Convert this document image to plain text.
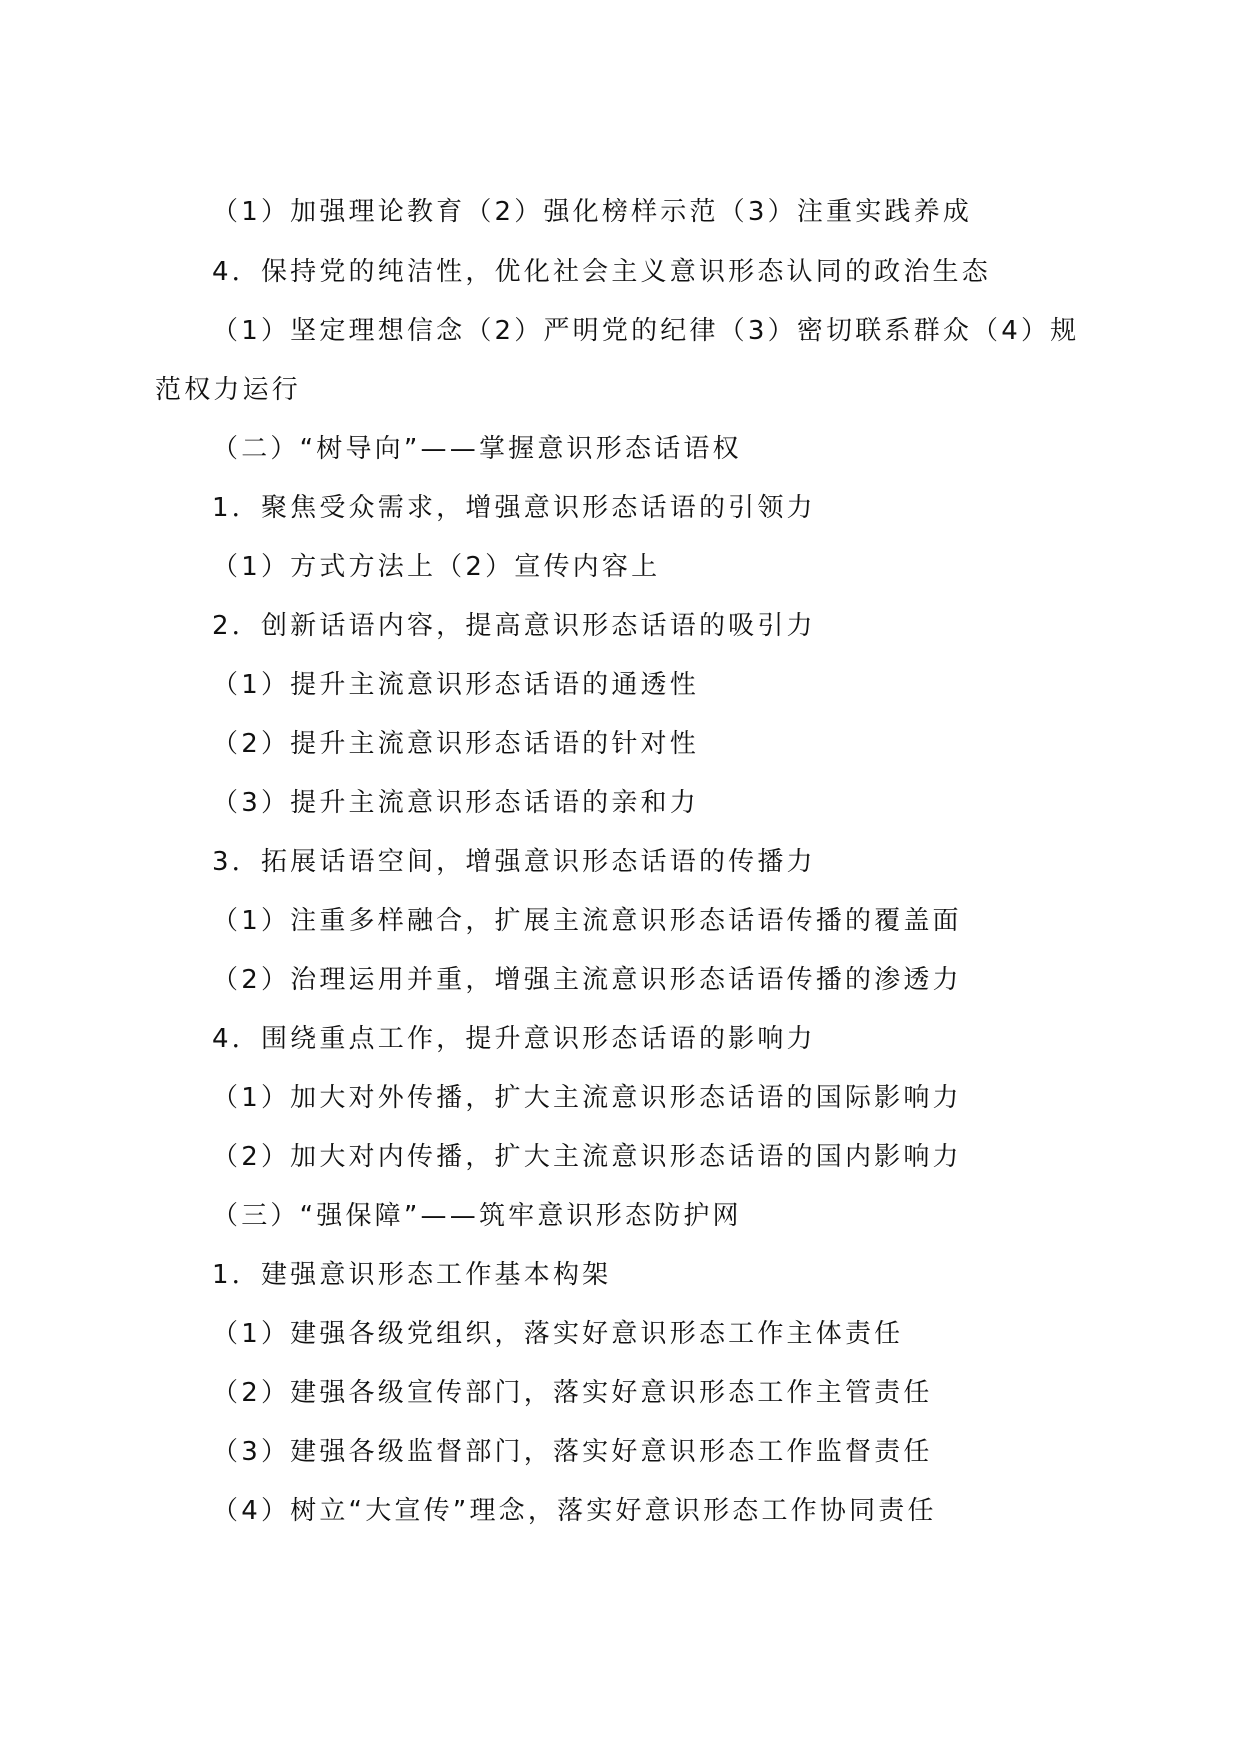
（1）加强理论教育（2）强化榜样示范（3）注重实践养成
4．保持党的纯洁性，优化社会主义意识形态认同的政治生态
（1）坚定理想信念（2）严明党的纪律（3）密切联系群众（4）规
范权力运行
（二）“树导向”——掌握意识形态话语权
1．聚焦受众需求，增强意识形态话语的引领力
（1）方式方法上（2）宣传内容上
2．创新话语内容，提高意识形态话语的吸引力
（1）提升主流意识形态话语的通透性
（2）提升主流意识形态话语的针对性
（3）提升主流意识形态话语的亲和力
3．拓展话语空间，增强意识形态话语的传播力
（1）注重多样融合，扩展主流意识形态话语传播的覆盖面
（2）治理运用并重，增强主流意识形态话语传播的渗透力
4．围绕重点工作，提升意识形态话语的影响力
（1）加大对外传播，扩大主流意识形态话语的国际影响力
（2）加大对内传播，扩大主流意识形态话语的国内影响力
（三）“强保障”——筑牢意识形态防护网
1．建强意识形态工作基本构架
（1）建强各级党组织，落实好意识形态工作主体责任
（2）建强各级宣传部门，落实好意识形态工作主管责任
（3）建强各级监督部门，落实好意识形态工作监督责任
（4）树立“大宣传”理念，落实好意识形态工作协同责任
